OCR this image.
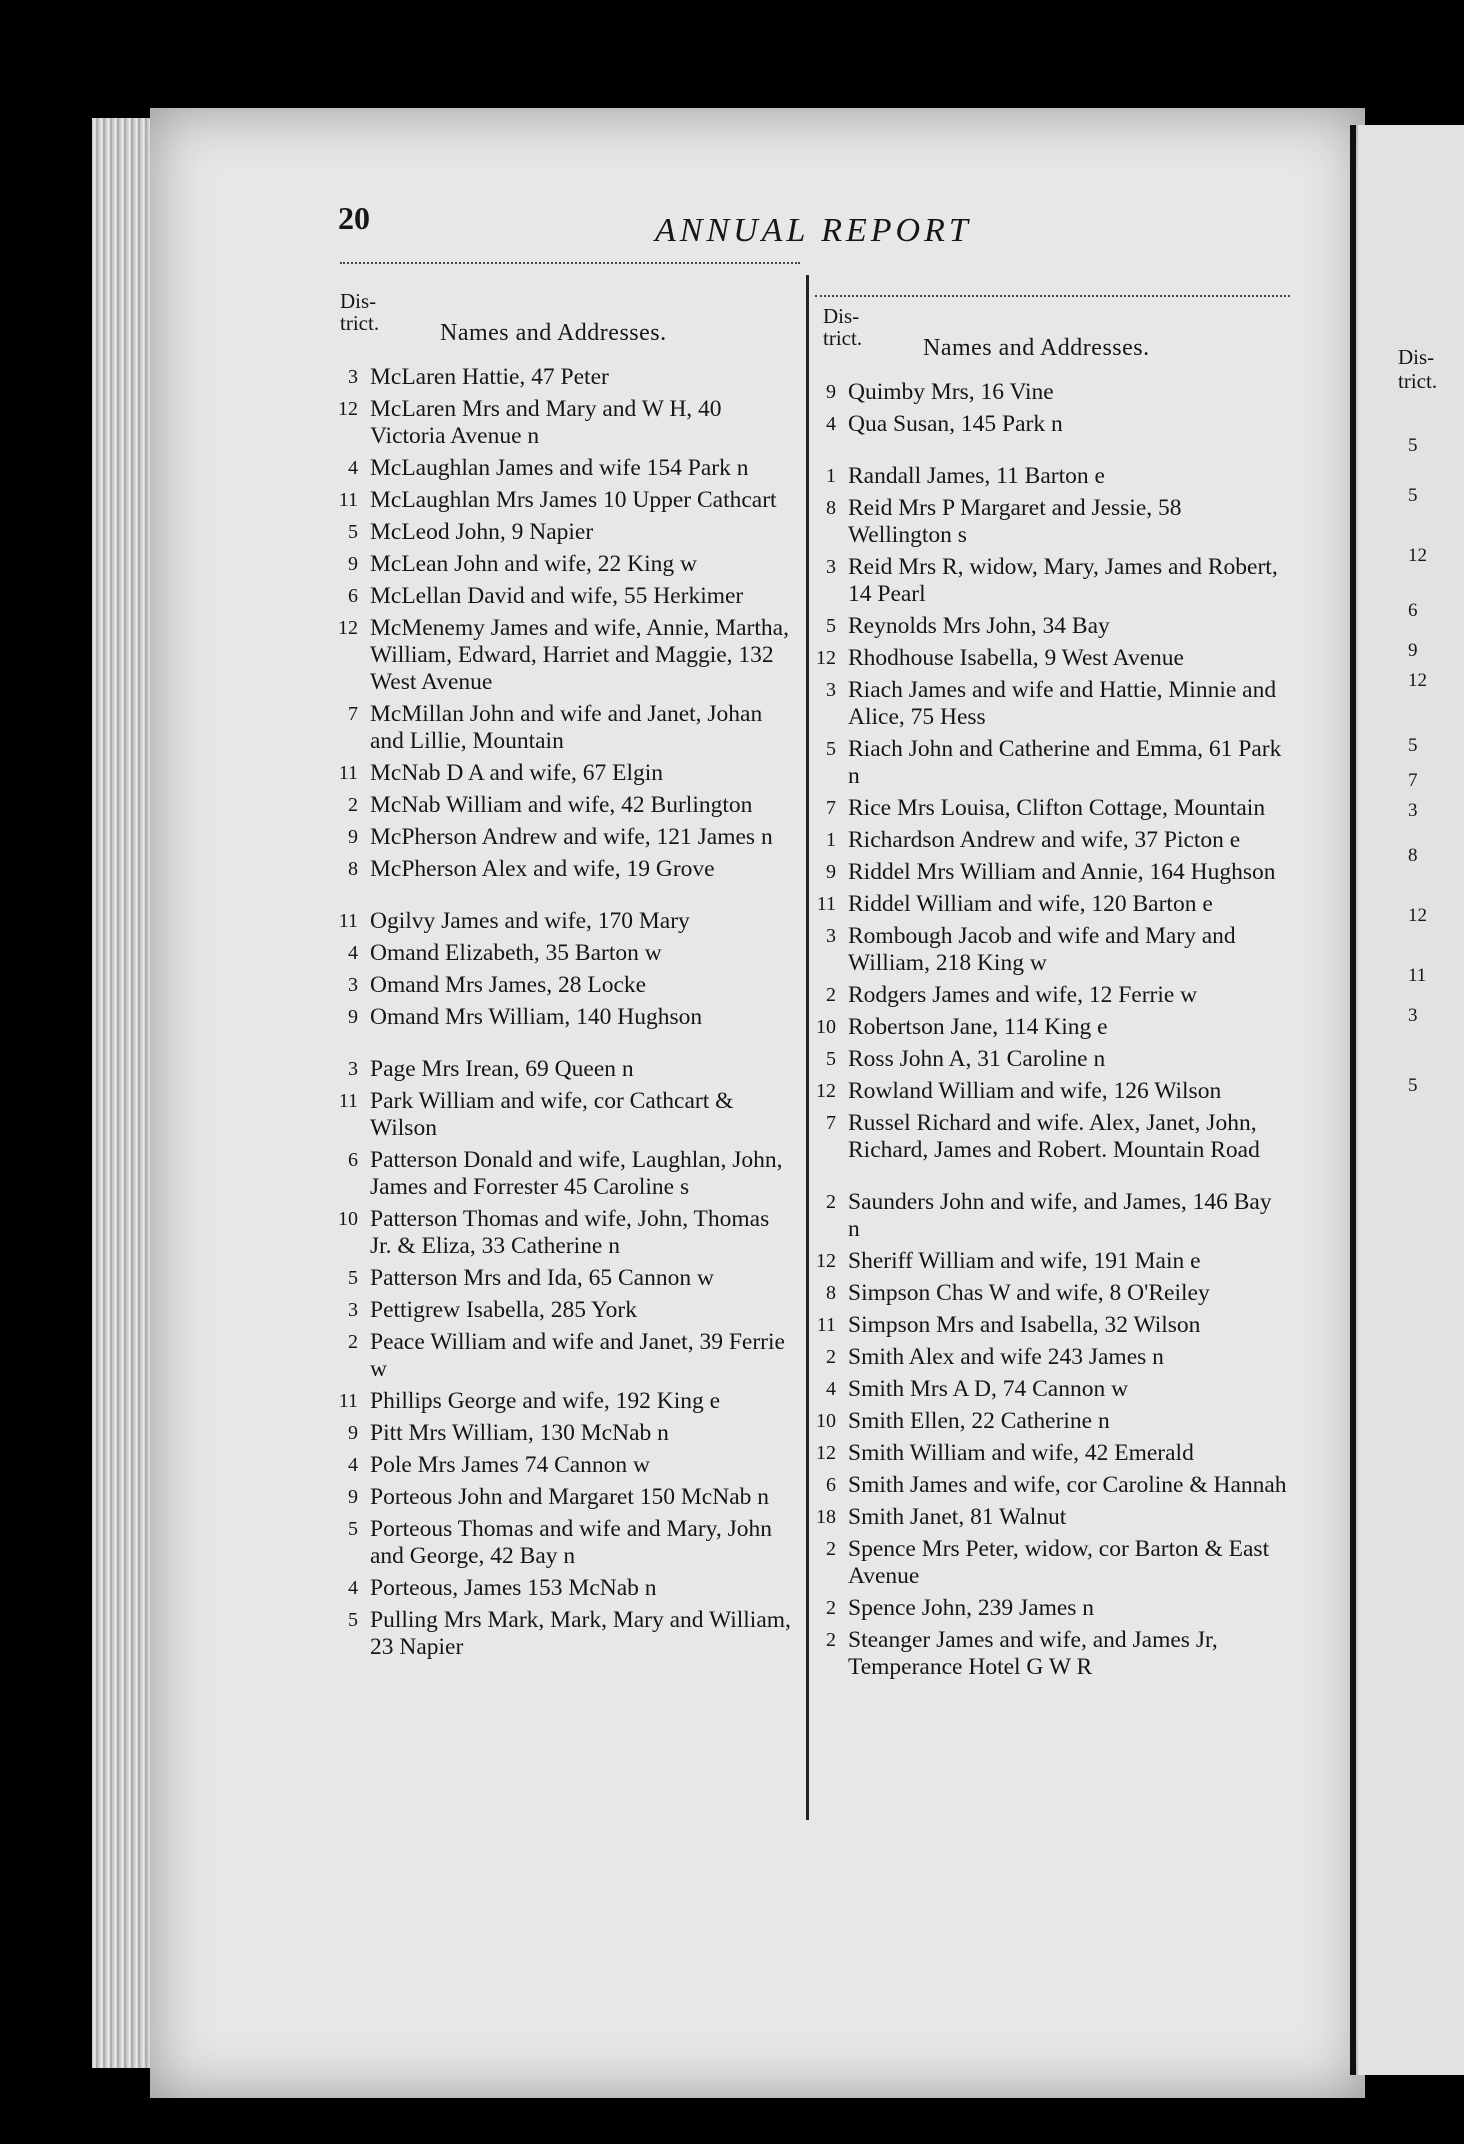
20	ANNUAL REPORT
Dis-
trict.	Names and Addresses.
3 McLaren Hattie, 47 Peter
12 McLaren Mrs and Mary and W H, 40 Victoria Avenue n
4 McLaughlan James and wife 154 Park n
11 McLaughlan Mrs James 10 Upper Cathcart
5 McLeod John, 9 Napier
9 McLean John and wife, 22 King w
6 McLellan David and wife, 55 Herkimer
12 McMenemy James and wife, Annie, Martha, William, Edward, Harriet and Maggie, 132 West Avenue
7 McMillan John and wife and Janet, Johan and Lillie, Mountain
11 McNab D A and wife, 67 Elgin
2 McNab William and wife, 42 Burlington
9 McPherson Andrew and wife, 121 James n
8 McPherson Alex and wife, 19 Grove
11 Ogilvy James and wife, 170 Mary
4 Omand Elizabeth, 35 Barton w
3 Omand Mrs James, 28 Locke
9 Omand Mrs William, 140 Hughson
3 Page Mrs Irean, 69 Queen n
11 Park William and wife, cor Cathcart & Wilson
6 Patterson Donald and wife, Laughlan, John, James and Forrester 45 Caroline s
10 Patterson Thomas and wife, John, Thomas Jr. & Eliza, 33 Catherine n
5 Patterson Mrs and Ida, 65 Cannon w
3 Pettigrew Isabella, 285 York
2 Peace William and wife and Janet, 39 Ferrie w
11 Phillips George and wife, 192 King e
9 Pitt Mrs William, 130 McNab n
4 Pole Mrs James 74 Cannon w
9 Porteous John and Margaret 150 McNab n
5 Porteous Thomas and wife and Mary, John and George, 42 Bay n
4 Porteous, James 153 McNab n
5 Pulling Mrs Mark, Mark, Mary and William, 23 Napier
Dis-
trict.	Names and Addresses.
9 Quimby Mrs, 16 Vine
4 Qua Susan, 145 Park n
1 Randall James, 11 Barton e
8 Reid Mrs P Margaret and Jessie, 58 Wellington s
3 Reid Mrs R, widow, Mary, James and Robert, 14 Pearl
5 Reynolds Mrs John, 34 Bay
12 Rhodhouse Isabella, 9 West Avenue
3 Riach James and wife and Hattie, Minnie and Alice, 75 Hess
5 Riach John and Catherine and Emma, 61 Park n
7 Rice Mrs Louisa, Clifton Cottage, Mountain
1 Richardson Andrew and wife, 37 Picton e
9 Riddel Mrs William and Annie, 164 Hughson
11 Riddel William and wife, 120 Barton e
3 Rombough Jacob and wife and Mary and William, 218 King w
2 Rodgers James and wife, 12 Ferrie w
10 Robertson Jane, 114 King e
5 Ross John A, 31 Caroline n
12 Rowland William and wife, 126 Wilson
7 Russel Richard and wife. Alex, Janet, John, Richard, James and Robert. Mountain Road
2 Saunders John and wife, and James, 146 Bay n
12 Sheriff William and wife, 191 Main e
8 Simpson Chas W and wife, 8 O'Reiley
11 Simpson Mrs and Isabella, 32 Wilson
2 Smith Alex and wife 243 James n
4 Smith Mrs A D, 74 Cannon w
10 Smith Ellen, 22 Catherine n
12 Smith William and wife, 42 Emerald
6 Smith James and wife, cor Caroline & Hannah
18 Smith Janet, 81 Walnut
2 Spence Mrs Peter, widow, cor Barton & East Avenue
2 Spence John, 239 James n
2 Steanger James and wife, and James Jr, Temperance Hotel G W R
Dis-
trict.
5
5
12
6
9
12
5
7
3
8
12
11
3
5
